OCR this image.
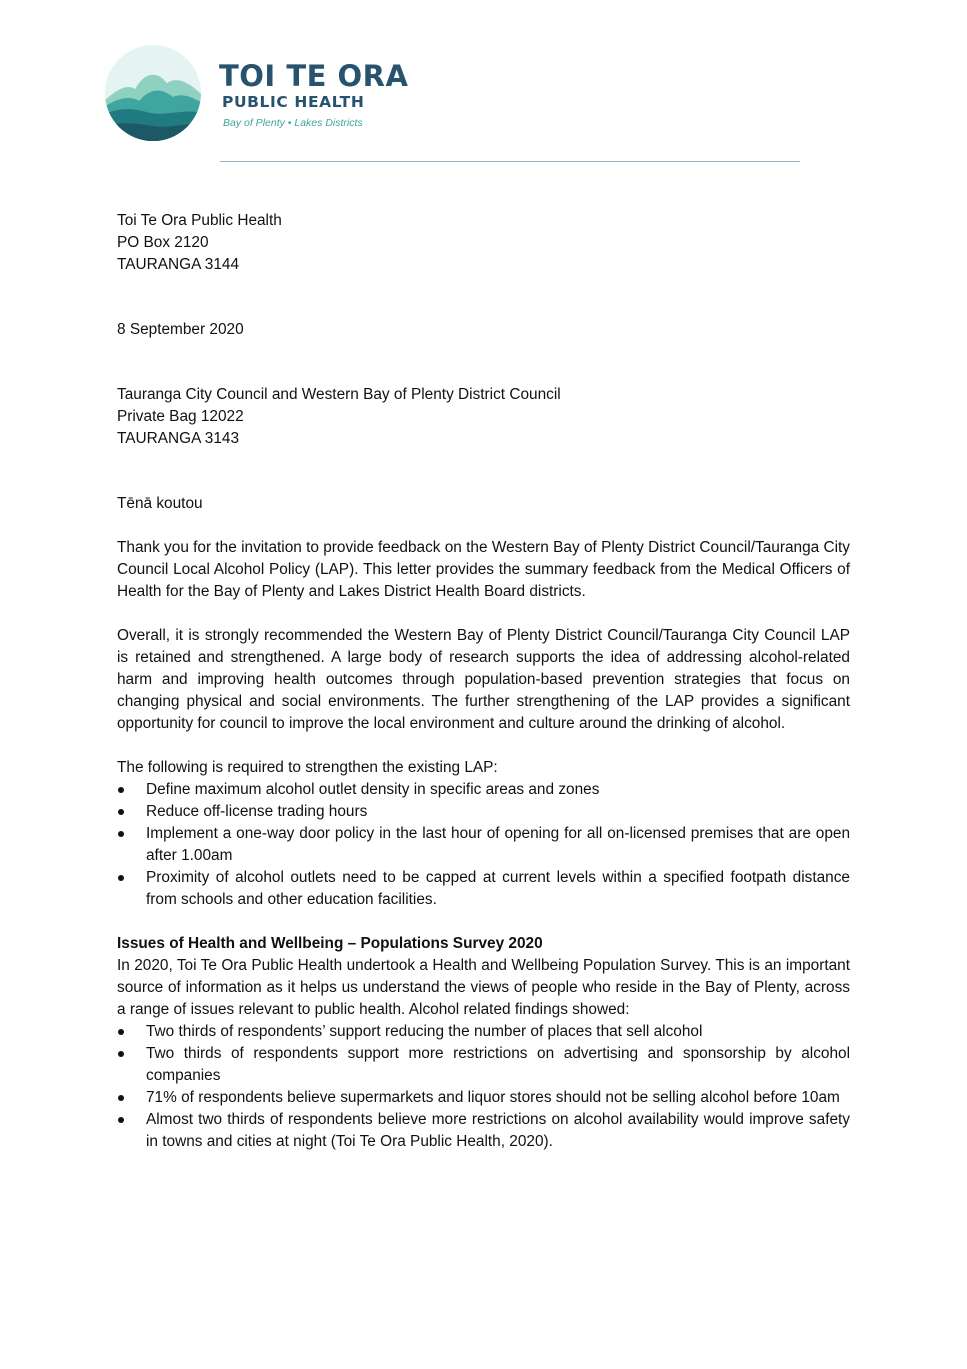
TOI TE ORA

PUBLIC HEALTH

Bay of Plenty • Lakes Districts

Toi Te Ora Public Health
PO Box 2120
TAURANGA 3144

8 September 2020

Tauranga City Council and Western Bay of Plenty District Council
Private Bag 12022
TAURANGA 3143

Tēnā koutou

Thank you for the invitation to provide feedback on the Western Bay of Plenty District Council/Tauranga City Council Local Alcohol Policy (LAP). This letter provides the summary feedback from the Medical Officers of Health for the Bay of Plenty and Lakes District Health Board districts.

Overall, it is strongly recommended the Western Bay of Plenty District Council/Tauranga City Council LAP is retained and strengthened. A large body of research supports the idea of addressing alcohol-related harm and improving health outcomes through population-based prevention strategies that focus on changing physical and social environments. The further strengthening of the LAP provides a significant opportunity for council to improve the local environment and culture around the drinking of alcohol.

The following is required to strengthen the existing LAP:

Define maximum alcohol outlet density in specific areas and zones
Reduce off-license trading hours
Implement a one-way door policy in the last hour of opening for all on-licensed premises that are open after 1.00am
Proximity of alcohol outlets need to be capped at current levels within a specified footpath distance from schools and other education facilities.

Issues of Health and Wellbeing – Populations Survey 2020

In 2020, Toi Te Ora Public Health undertook a Health and Wellbeing Population Survey. This is an important source of information as it helps us understand the views of people who reside in the Bay of Plenty, across a range of issues relevant to public health. Alcohol related findings showed:

Two thirds of respondents’ support reducing the number of places that sell alcohol
Two thirds of respondents support more restrictions on advertising and sponsorship by alcohol companies
71% of respondents believe supermarkets and liquor stores should not be selling alcohol before 10am
Almost two thirds of respondents believe more restrictions on alcohol availability would improve safety in towns and cities at night (Toi Te Ora Public Health, 2020).
